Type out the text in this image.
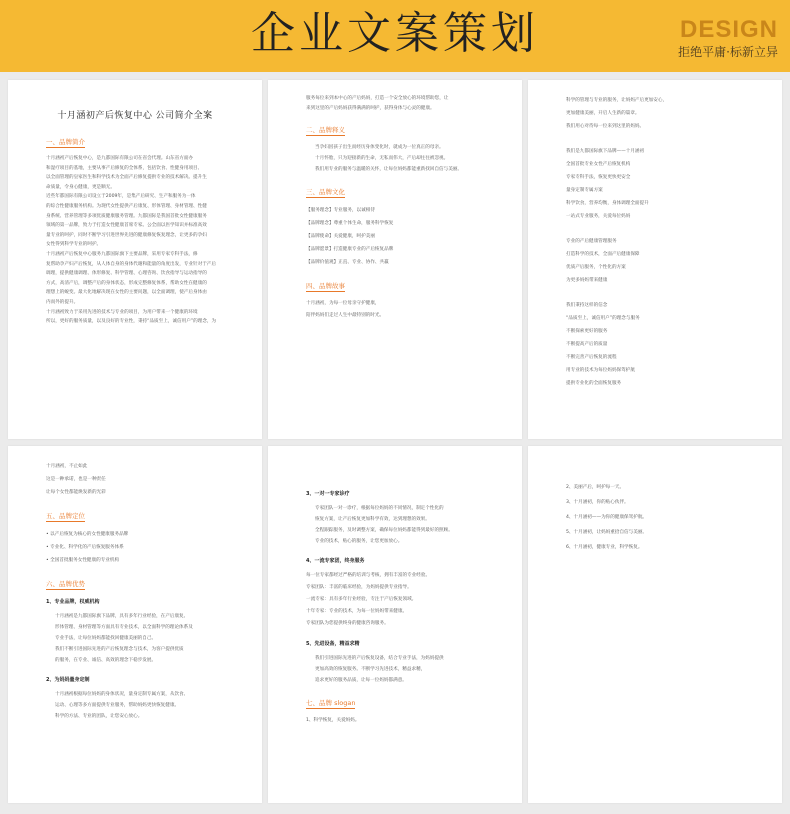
企业文案策划	DESIGN
拒绝平庸·标新立异
十月涵初产后恢复中心 公司简介全案
一、品牌简介
十月涵初产后恢复中心，是九都国际有限公司在省会代理。山东省方面办
和湿疗项目的基地，主要从事产后修复的全体系，包括饮食、性健身用项目、
以全面管理的皇家医生和科学技术为全面产后修复提供专业的技术解决。提升生
命质量，令身心健康，更是顺无。
近些年都国际有限公司设立于2009年，是集产后研究、生产和服务为一体
的综合性健康服务机构。为现代女性提供产后康复、形体管理、身材管理、性健
身系统、营养管理等多项优质健康服务管理。九都国际是我国首批女性健康服务
领域的第一品牌，致力于打造女性健康首席专家。公全面以医学知识并标准高效
量专业的呵护，同时不断学习引进世界先进的健康修复恢复理念，让更多的孕妇
女性得到科学专业的呵护。
十月涵初产后恢复中心服务九都国际旗下主要品牌，采用专家专科手法，修
复帮助孕产妇产后恢复，从人体自身的身体代谢和能量的角度出发，专业针对于产后
调理，提供健康调理、体形修复、科学管理、心理咨询、饮食指导与运动指导的
方式，高清产后，调整产后的身体状态，形成完整修复体系，帮助女性在健康的
理想上的蜕变。最大化地解决现在女性的主要问题，以全面调理，使产后身体由
内而外的提升。
十月涵初致力于采用先进的技术与专业的项目，为用户带来一个健康的环境
所以，更好的服务质量，以及良好的专业性，秉持“品质至上，诚信用户”的理念，为
服务每位来到本中心的产后妈妈，打造一个安全放心的环境帮助您，让
来到这里的产后妈妈获得满满的呵护，获得身体与心灵的健康。
二、品牌释义
当孕妇因孩子出生而经历身体变化时，就成为一位真正的母亲。
十月怀胎，只为迎接新的生命，无私而伟大，产后却往往被忽视。
我们用专业的服务与温暖的关怀，让每位妈妈都能重新找回自信与美丽。
三、品牌文化
【服务理念】专业服务，以诚相待
【品牌理念】尊重个体生命，服务科学恢复
【品牌使命】关爱健康，呵护美丽
【品牌愿景】打造健康专业的产后恢复品牌
【品牌价值观】正直、专业、协作、共赢
四、品牌故事
十月涵初，为每一位母亲守护健康，
陪伴妈妈们走过人生中最特别的时光。
科学的管理与专业的服务，让妈妈产后更加安心，
更加健康美丽，开启人生新的篇章。
我们用心对待每一位来到这里的妈妈。
我们是九都国际旗下品牌——十月涵初
全国首批专业女性产后恢复机构
专家专科手法，恢复更快更安全
量身定制专属方案
科学饮食，营养均衡，身体调理全面提升
一站式专业服务，关爱每位妈妈
专业的产后健康管理服务
打造科学的技术，全面产后健康保障
优质产后服务，个性化的方案
为更多妈妈带来健康
我们秉持这样的信念
“品质至上，诚信用户”的理念与服务
不断探索更好的服务
不断提高产后的质量
不断完善产后恢复的流程
用专业的技术为每位妈妈保驾护航
提供专业化的全面恢复服务
十月涵初，不止如此
这是一种承诺，也是一种责任
让每个女性都能焕发新的光彩
五、品牌定位
• 以产后恢复为核心的女性健康服务品牌
• 专业化、科学化的产后恢复服务体系
• 全国首批服务女性健康的专业机构
六、品牌优势
1、专业品牌，权威机构
十月涵初是九都国际旗下品牌，具有多年行业经验，在产后康复、
形体管理、身材管理等方面具有专业技术，以全面科学的理论体系及
专业手法，让每位妈妈都能找回健康美丽的自己。
我们不断引进国际先进的产后恢复理念与技术，为客户提供优质
的服务，在专业、诚信、高效的理念下稳步发展。
2、为妈妈量身定制
十月涵初根据每位妈妈的身体状况，量身定制专属方案，从饮食、
运动、心理等多方面提供专业服务，帮助妈妈更快恢复健康。
科学的方法、专业的团队，让您安心放心。
3、一对一专家诊疗
专家团队一对一诊疗，根据每位妈妈的不同情况，制定个性化的
恢复方案，让产后恢复更加科学有效，达到理想的效果。
全程跟踪服务，及时调整方案，确保每位妈妈都能得到最好的照顾。
专业的技术，贴心的服务，让您更加放心。
4、一流专家团，终身服务
每一位专家都经过严格的培训与考核，拥有丰富的专业经验。
专家团队：丰富的临床经验，为妈妈提供专业指导。
一流专家：具有多年行业经验，专注于产后恢复领域。
十年专家：专业的技术，为每一位妈妈带来健康。
专家团队为您提供终身的健康咨询服务。
5、先进设备，精益求精
我们引进国际先进的产后恢复设备，结合专业手法，为妈妈提供
更加高效的恢复服务。不断学习先进技术，精益求精，
追求更好的服务品质，让每一位妈妈都满意。
七、品牌 slogan
1、科学恢复，关爱妈妈。
2、美丽产后，呵护每一天。
3、十月涵初，你的贴心伙伴。
4、十月涵初——为你的健康保驾护航。
5、十月涵初，让妈妈重拾自信与美丽。
6、十月涵初，健康专业，科学恢复。
